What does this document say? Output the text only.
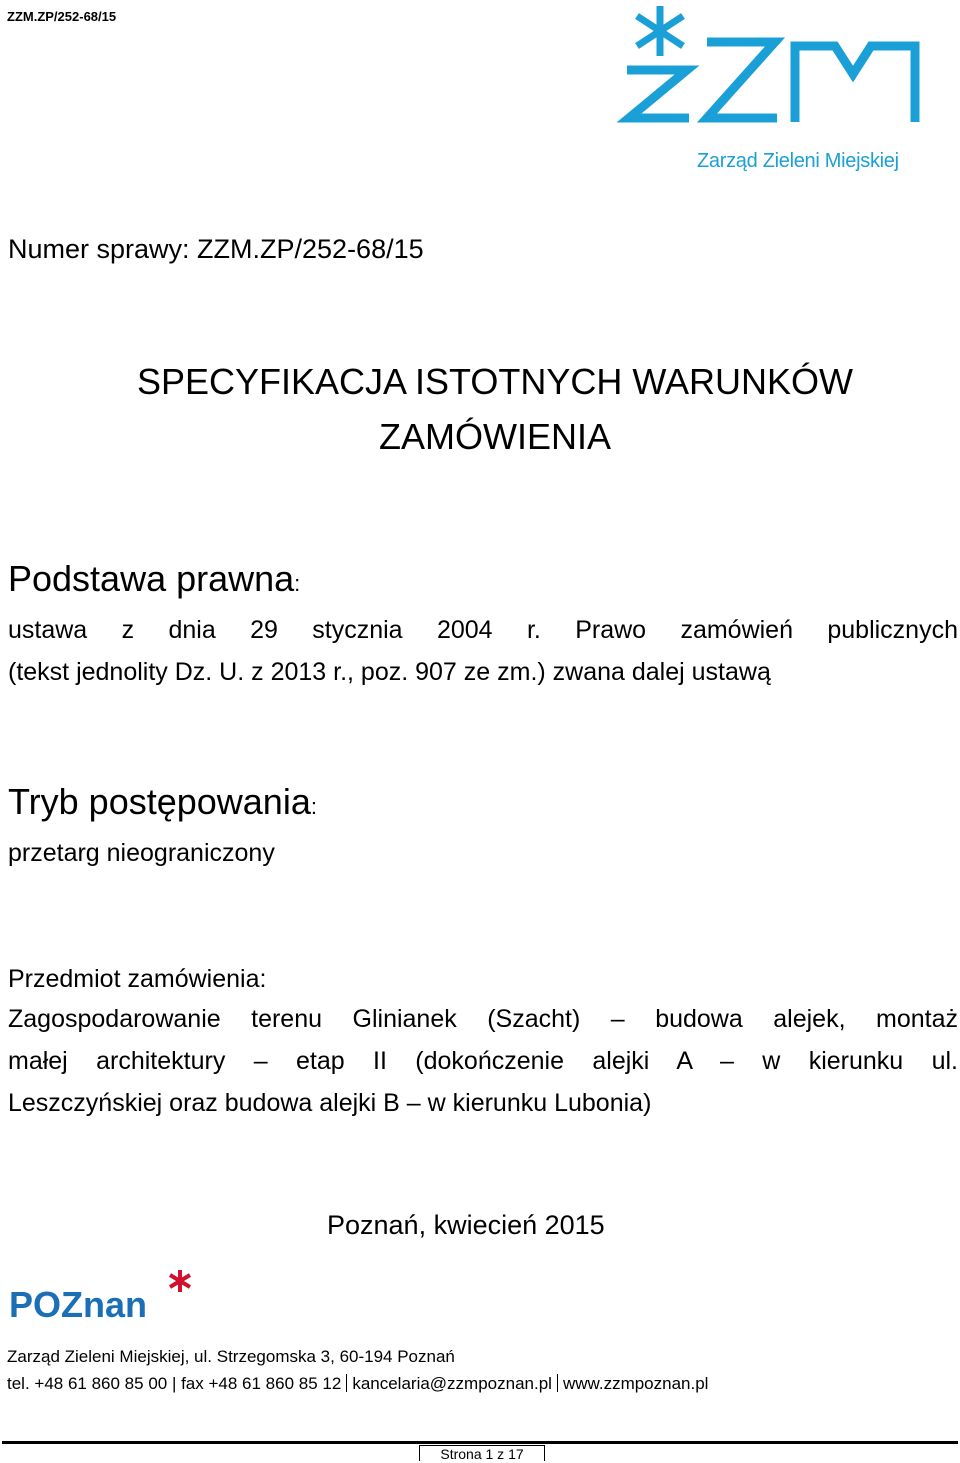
ZZM.ZP/252-68/15
Zarząd Zieleni Miejskiej
Numer sprawy: ZZM.ZP/252-68/15
SPECYFIKACJA ISTOTNYCH WARUNKÓW
ZAMÓWIENIA
Podstawa prawna:
ustawa z dnia 29 stycznia 2004 r. Prawo zamówień publicznych
(tekst jednolity Dz. U. z 2013 r., poz. 907 ze zm.) zwana dalej ustawą
Tryb postępowania:
przetarg nieograniczony
Przedmiot zamówienia:
Zagospodarowanie terenu Glinianek (Szacht) – budowa alejek, montaż
małej architektury – etap II (dokończenie alejki A – w kierunku ul.
Leszczyńskiej oraz budowa alejki B – w kierunku Lubonia)
Poznań, kwiecień 2015
POZnan
Zarząd Zieleni Miejskiej, ul. Strzegomska 3, 60-194 Poznań
tel. +48 61 860 85 00 | fax +48 61 860 85 12 kancelaria@zzmpoznan.pl www.zzmpoznan.pl
Strona 1 z 17
